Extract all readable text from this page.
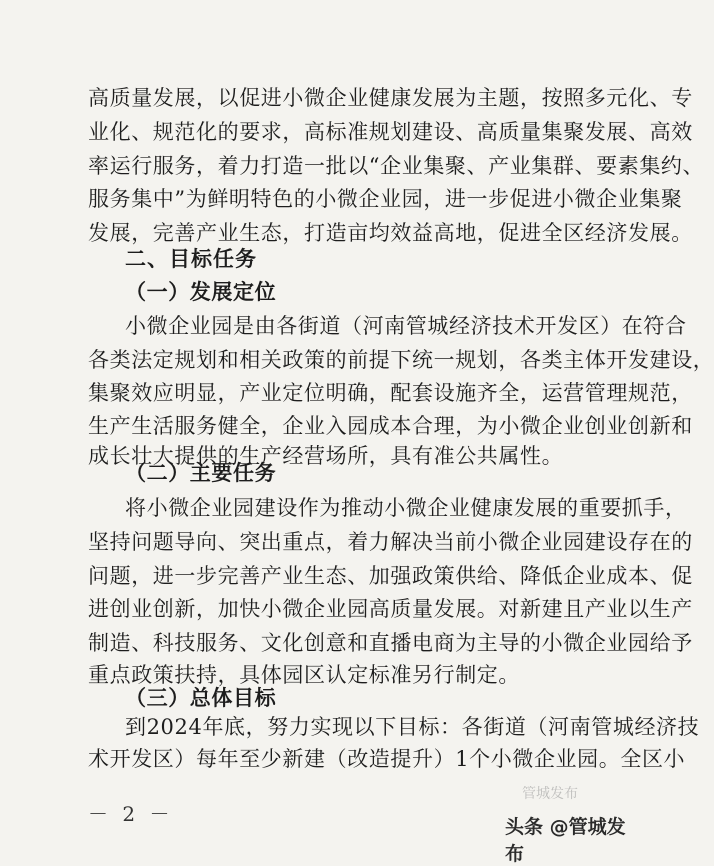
高质量发展，以促进小微企业健康发展为主题，按照多元化、专
业化、规范化的要求，高标准规划建设、高质量集聚发展、高效
率运行服务，着力打造一批以“企业集聚、产业集群、要素集约、
服务集中”为鲜明特色的小微企业园，进一步促进小微企业集聚
发展，完善产业生态，打造亩均效益高地，促进全区经济发展。
二、目标任务
（一）发展定位
小微企业园是由各街道（河南管城经济技术开发区）在符合
各类法定规划和相关政策的前提下统一规划，各类主体开发建设，
集聚效应明显，产业定位明确，配套设施齐全，运营管理规范，
生产生活服务健全，企业入园成本合理，为小微企业创业创新和
成长壮大提供的生产经营场所，具有准公共属性。
（二）主要任务
将小微企业园建设作为推动小微企业健康发展的重要抓手，
坚持问题导向、突出重点，着力解决当前小微企业园建设存在的
问题，进一步完善产业生态、加强政策供给、降低企业成本、促
进创业创新，加快小微企业园高质量发展。对新建且产业以生产
制造、科技服务、文化创意和直播电商为主导的小微企业园给予
重点政策扶持，具体园区认定标准另行制定。
（三）总体目标
到2024年底，努力实现以下目标：各街道（河南管城经济技
术开发区）每年至少新建（改造提升）1个小微企业园。全区小
－ 2 －
管城发布
头条 @管城发布
